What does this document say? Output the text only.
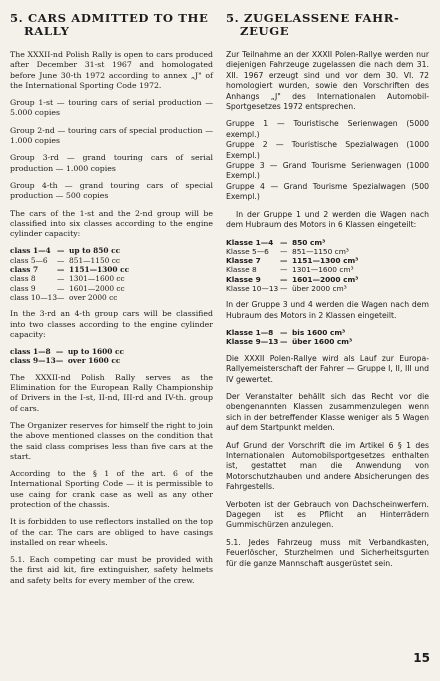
5. CARS ADMITTED TO THE
RALLY

The XXXII-nd Polish Rally is open to cars produced after December 31-st 1967 and homologated before June 30-th 1972 according to annex „J" of the International Sporting Code 1972.

Group 1-st — touring cars of serial production — 5.000 copies

Group 2-nd — touring cars of special production — 1.000 copies

Group 3-rd — grand touring cars of serial production — 1.000 copies

Group 4-th — grand touring cars of special production — 500 copies

The cars of the 1-st and the 2-nd group will be classified into six classes according to the engine cylinder capacity:

class 1—4	—	up to 850 cc
class 5—6	—	851—1150 cc
class 7	—	1151—1300 cc
class 8	—	1301—1600 cc
class 9	—	1601—2000 cc
class 10—13	—	over 2000 cc

In the 3-rd an 4-th group cars will be classified into two classes according to the engine cylinder capacity:

class 1—8	—	up to 1600 cc
class 9—13	—	over 1600 cc

The XXXII-nd Polish Rally serves as the Elimination for the European Rally Championship of Drivers in the I-st, II-nd, III-rd and IV-th. group of cars.

The Organizer reserves for himself the right to join the above mentioned classes on the condition that the said class comprises less than five cars at the start.

According to the § 1 of the art. 6 of the International Sporting Code — it is permissible to use caing for crank case as well as any other protection of the chassis.

It is forbidden to use reflectors installed on the top of the car. The cars are obliged to have casings installed on rear wheels.

5.1. Each competing car must be provided with the first aid kit, fire extinguisher, safety helmets and safety belts for every member of the crew.

5. ZUGELASSENE FAHR-
ZEUGE

Zur Teilnahme an der XXXII Polen-Rallye werden nur diejenigen Fahrzeuge zugelassen die nach dem 31. XII. 1967 erzeugt sind und vor dem 30. VI. 72 homologiert wurden, sowie den Vorschriften des Anhangs „J" des Internationalen Automobil-Sportgesetzes 1972 entsprechen.

Gruppe 1 — Touristische Serienwagen (5000 exempl.)

Gruppe 2 — Touristische Spezialwagen (1000 Exempl.)

Gruppe 3 — Grand Tourisme Serienwagen (1000 Exempl.)

Gruppe 4 — Grand Tourisme Spezialwagen (500 Exempl.)

In der Gruppe 1 und 2 werden die Wagen nach dem Hubraum des Motors in 6 Klassen eingeteilt:

Klasse 1—4	—	850 cm³
Klasse 5—6	—	851—1150 cm³
Klasse 7	—	1151—1300 cm³
Klasse 8	—	1301—1600 cm³
Klasse 9	—	1601—2000 cm³
Klasse 10—13	—	über 2000 cm³

In der Gruppe 3 und 4 werden die Wagen nach dem Hubraum des Motors in 2 Klassen eingeteilt.

Klasse 1—8	—	bis 1600 cm³
Klasse 9—13	—	über 1600 cm³

Die XXXII Polen-Rallye wird als Lauf zur Europa-Rallyemeisterschaft der Fahrer — Gruppe I, II, III und IV gewertet.

Der Veranstalter behällt sich das Recht vor die obengenannten Klassen zusammenzulegen wenn sich in der betreffender Klasse weniger als 5 Wagen auf dem Startpunkt melden.

Auf Grund der Vorschrift die im Artikel 6 § 1 des Internationalen Automobilsportgesetzes enthalten ist, gestattet man die Anwendung von Motorschutzhauben und andere Absicherungen des Fahrgestells.

Verboten ist der Gebrauch von Dachscheinwerfern. Dagegen ist es Pflicht an Hinterrädern Gummischürzen anzulegen.

5.1. Jedes Fahrzeug muss mit Verbandkasten, Feuerlöscher, Sturzhelmen und Sicherheitsgurten für die ganze Mannschaft ausgerüstet sein.

15
